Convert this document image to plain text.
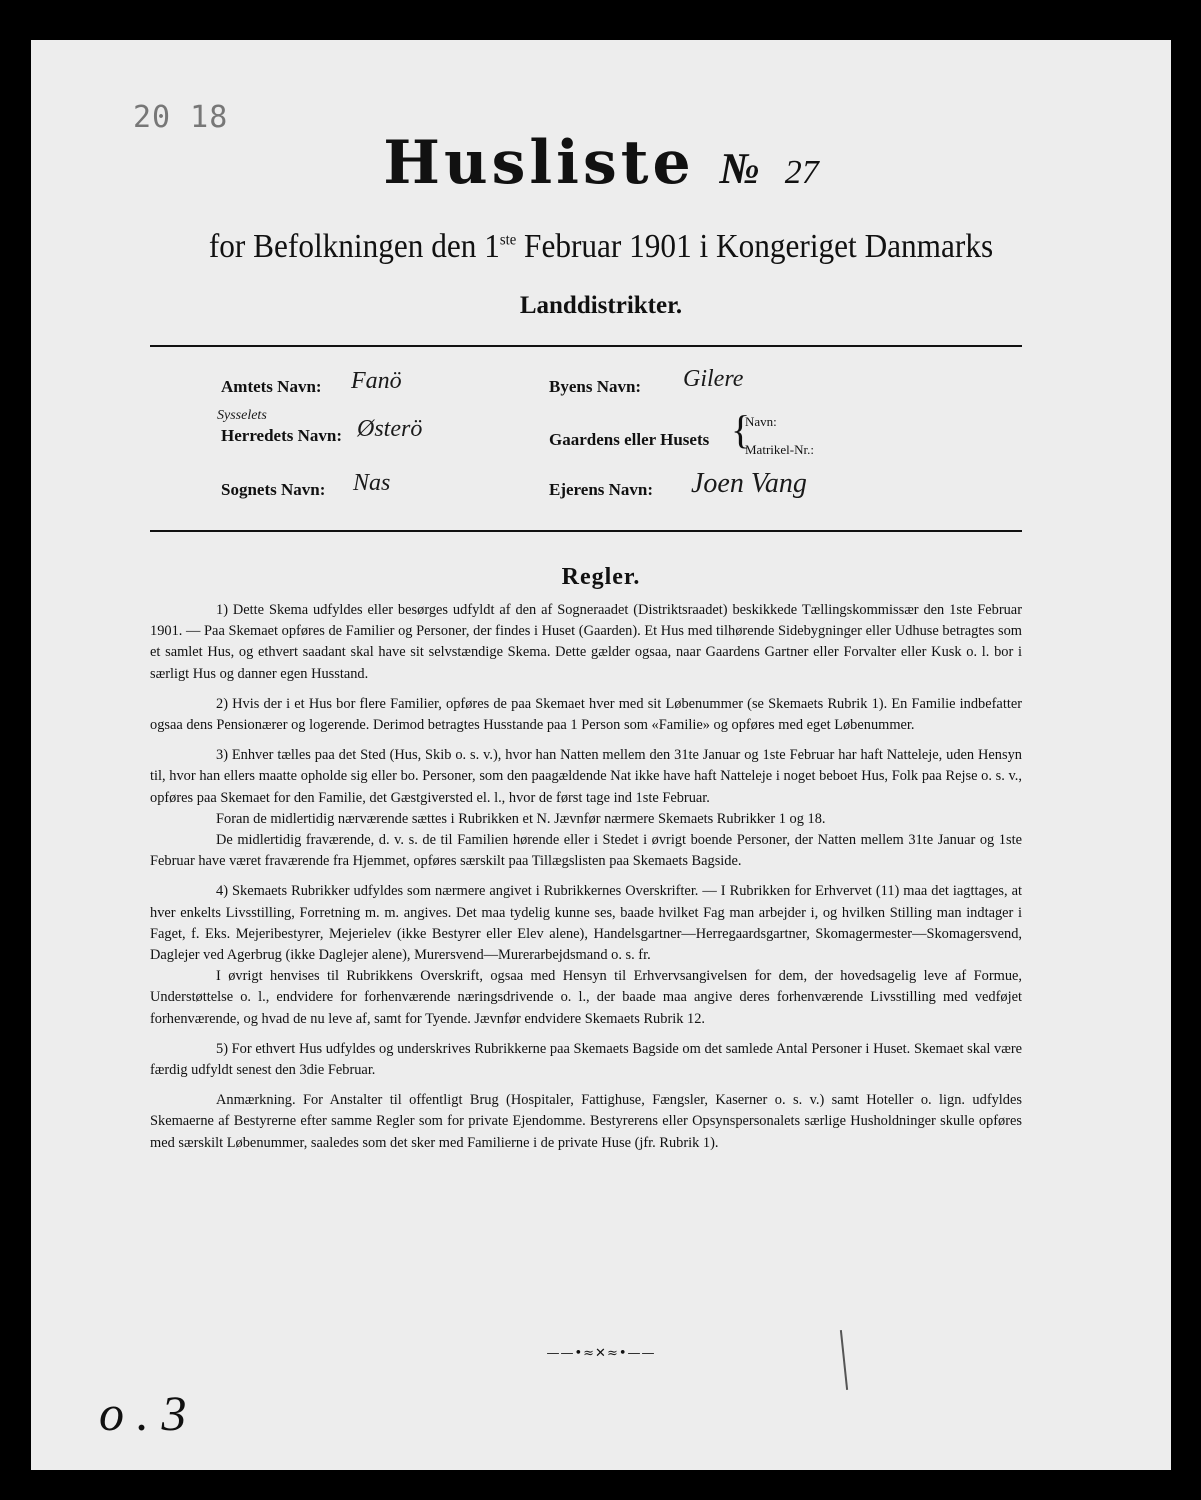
20 18
Husliste № 27
for Befolkningen den 1ste Februar 1901 i Kongeriget Danmarks
Landdistrikter.
Amtets Navn: Fanö
Sysselets
Herredets Navn: Østerö
Sognets Navn: Nas
Byens Navn: Gilere
Gaardens eller Husets {
Navn:
Matrikel-Nr.:
Ejerens Navn: Joen Vang
Regler.

1) Dette Skema udfyldes eller besørges udfyldt af den af Sogneraadet (Distriktsraadet) beskikkede Tællingskommissær den 1ste Februar 1901. — Paa Skemaet opføres de Familier og Personer, der findes i Huset (Gaarden). Et Hus med tilhørende Sidebygninger eller Udhuse betragtes som et samlet Hus, og ethvert saadant skal have sit selvstændige Skema. Dette gælder ogsaa, naar Gaardens Gartner eller Forvalter eller Kusk o. l. bor i særligt Hus og danner egen Husstand.

2) Hvis der i et Hus bor flere Familier, opføres de paa Skemaet hver med sit Løbenummer (se Skemaets Rubrik 1). En Familie indbefatter ogsaa dens Pensionærer og logerende. Derimod betragtes Husstande paa 1 Person som «Familie» og opføres med eget Løbenummer.

3) Enhver tælles paa det Sted (Hus, Skib o. s. v.), hvor han Natten mellem den 31te Januar og 1ste Februar har haft Natteleje, uden Hensyn til, hvor han ellers maatte opholde sig eller bo. Personer, som den paagældende Nat ikke have haft Natteleje i noget beboet Hus, Folk paa Rejse o. s. v., opføres paa Skemaet for den Familie, det Gæstgiversted el. l., hvor de først tage ind 1ste Februar.

Foran de midlertidig nærværende sættes i Rubrikken et N. Jævnfør nærmere Skemaets Rubrikker 1 og 18.

De midlertidig fraværende, d. v. s. de til Familien hørende eller i Stedet i øvrigt boende Personer, der Natten mellem 31te Januar og 1ste Februar have været fraværende fra Hjemmet, opføres særskilt paa Tillægslisten paa Skemaets Bagside.

4) Skemaets Rubrikker udfyldes som nærmere angivet i Rubrikkernes Overskrifter. — I Rubrikken for Erhvervet (11) maa det iagttages, at hver enkelts Livsstilling, Forretning m. m. angives. Det maa tydelig kunne ses, baade hvilket Fag man arbejder i, og hvilken Stilling man indtager i Faget, f. Eks. Mejeribestyrer, Mejerielev (ikke Bestyrer eller Elev alene), Handelsgartner—Herregaardsgartner, Skomagermester—Skomagersvend, Daglejer ved Agerbrug (ikke Daglejer alene), Murersvend—Murerarbejdsmand o. s. fr.

I øvrigt henvises til Rubrikkens Overskrift, ogsaa med Hensyn til Erhvervsangivelsen for dem, der hovedsagelig leve af Formue, Understøttelse o. l., endvidere for forhenværende næringsdrivende o. l., der baade maa angive deres forhenværende Livsstilling med vedføjet forhenværende, og hvad de nu leve af, samt for Tyende. Jævnfør endvidere Skemaets Rubrik 12.

5) For ethvert Hus udfyldes og underskrives Rubrikkerne paa Skemaets Bagside om det samlede Antal Personer i Huset. Skemaet skal være færdig udfyldt senest den 3die Februar.

Anmærkning. For Anstalter til offentligt Brug (Hospitaler, Fattighuse, Fængsler, Kaserner o. s. v.) samt Hoteller o. lign. udfyldes Skemaerne af Bestyrerne efter samme Regler som for private Ejendomme. Bestyrerens eller Opsynspersonalets særlige Husholdninger skulle opføres med særskilt Løbenummer, saaledes som det sker med Familierne i de private Huse (jfr. Rubrik 1).

——•≈✕≈•——
o . 3
